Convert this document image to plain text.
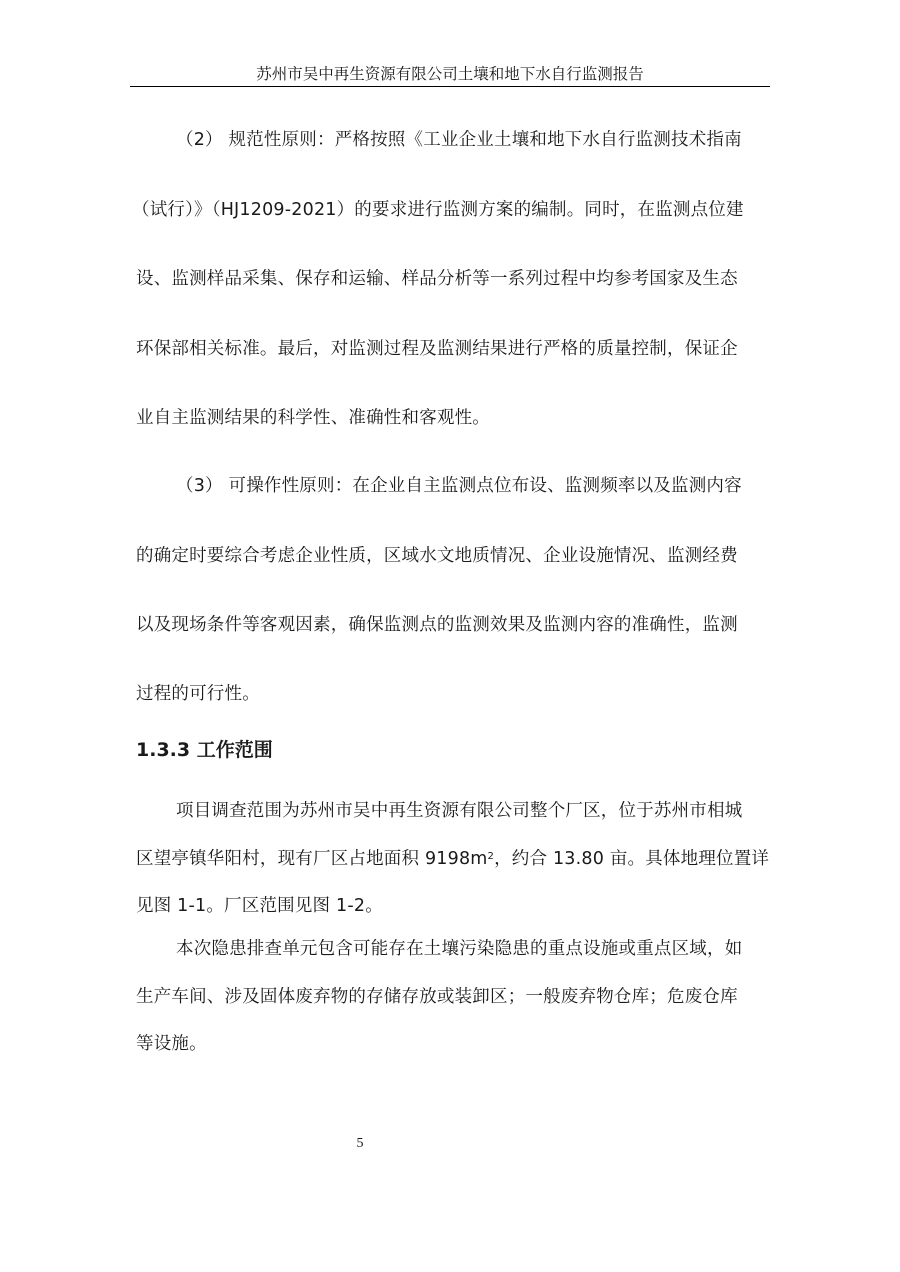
苏州市吴中再生资源有限公司土壤和地下水自行监测报告
（2） 规范性原则：严格按照《工业企业土壤和地下水自行监测技术指南
（试行）》（HJ1209-2021）的要求进行监测方案的编制。同时，在监测点位建
设、监测样品采集、保存和运输、样品分析等一系列过程中均参考国家及生态
环保部相关标准。最后，对监测过程及监测结果进行严格的质量控制，保证企
业自主监测结果的科学性、准确性和客观性。
（3） 可操作性原则：在企业自主监测点位布设、监测频率以及监测内容
的确定时要综合考虑企业性质，区域水文地质情况、企业设施情况、监测经费
以及现场条件等客观因素，确保监测点的监测效果及监测内容的准确性，监测
过程的可行性。
1.3.3 工作范围
项目调查范围为苏州市吴中再生资源有限公司整个厂区，位于苏州市相城
区望亭镇华阳村，现有厂区占地面积 $9198m^2$，约合 13.80 亩。具体地理位置详
见图 1-1。厂区范围见图 1-2。
本次隐患排查单元包含可能存在土壤污染隐患的重点设施或重点区域，如
生产车间、涉及固体废弃物的存储存放或装卸区；一般废弃物仓库；危废仓库
等设施。
5
